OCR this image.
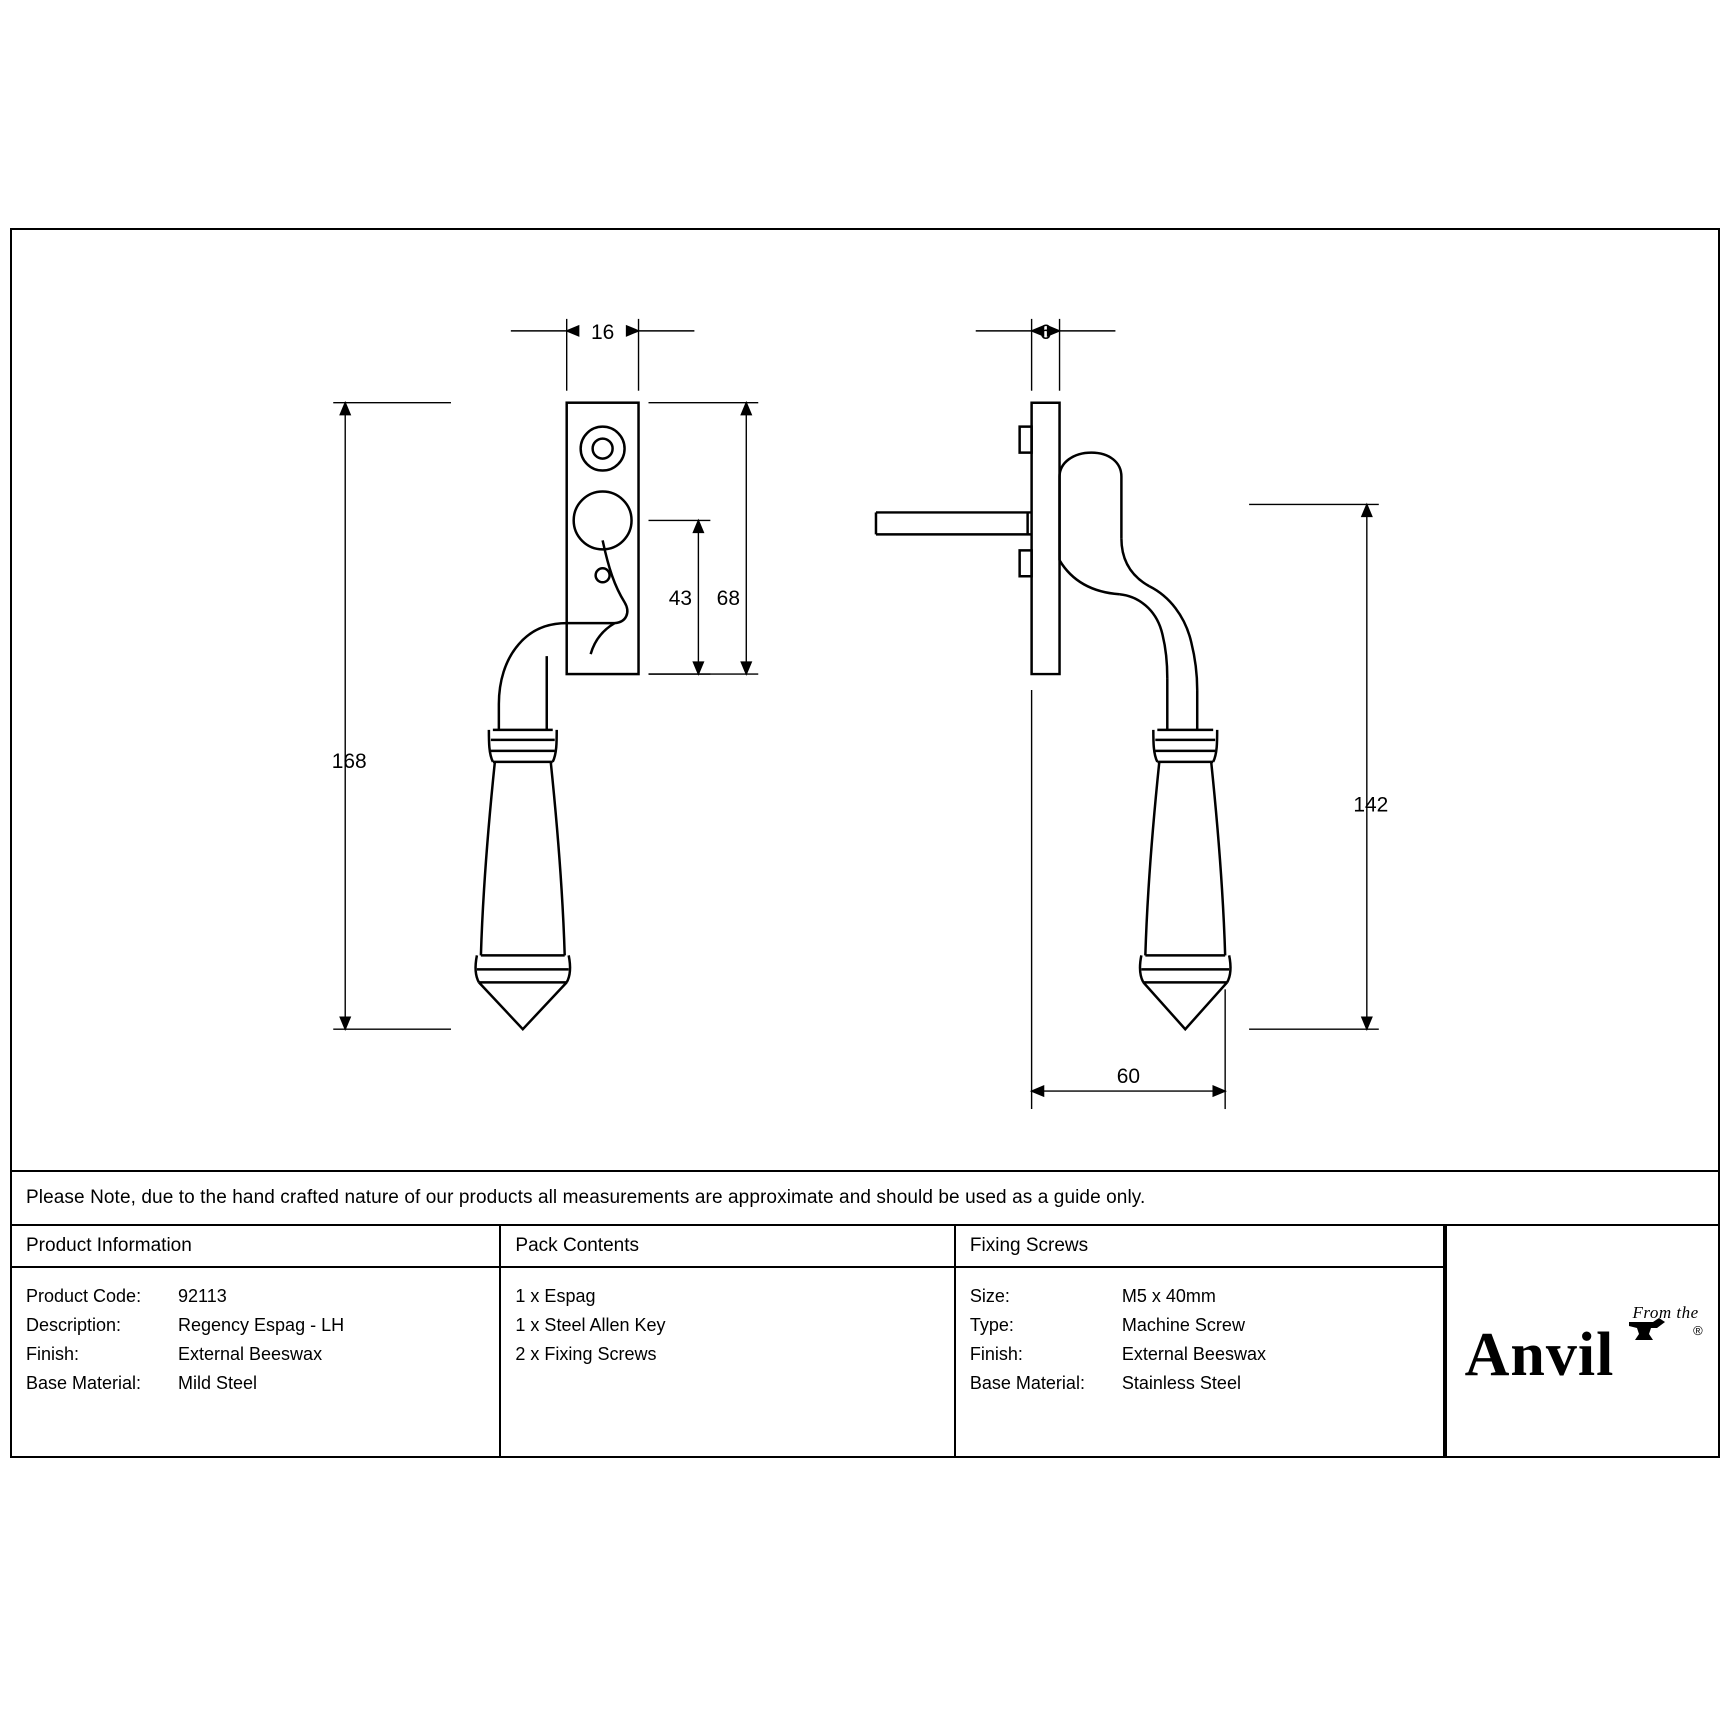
16	6
43 68
168
142
60
Please Note, due to the hand crafted nature of our products all measurements are approximate and should be used as a guide only.
Product Information
Product Code:	92113
Description:	Regency Espag - LH
Finish:	External Beeswax
Base Material:	Mild Steel
Pack Contents
1 x Espag
1 x Steel Allen Key
2 x Fixing Screws
Fixing Screws
Size:	M5 x 40mm
Type:	Machine Screw
Finish:	External Beeswax
Base Material:	Stainless Steel
From the
®
Anvil
